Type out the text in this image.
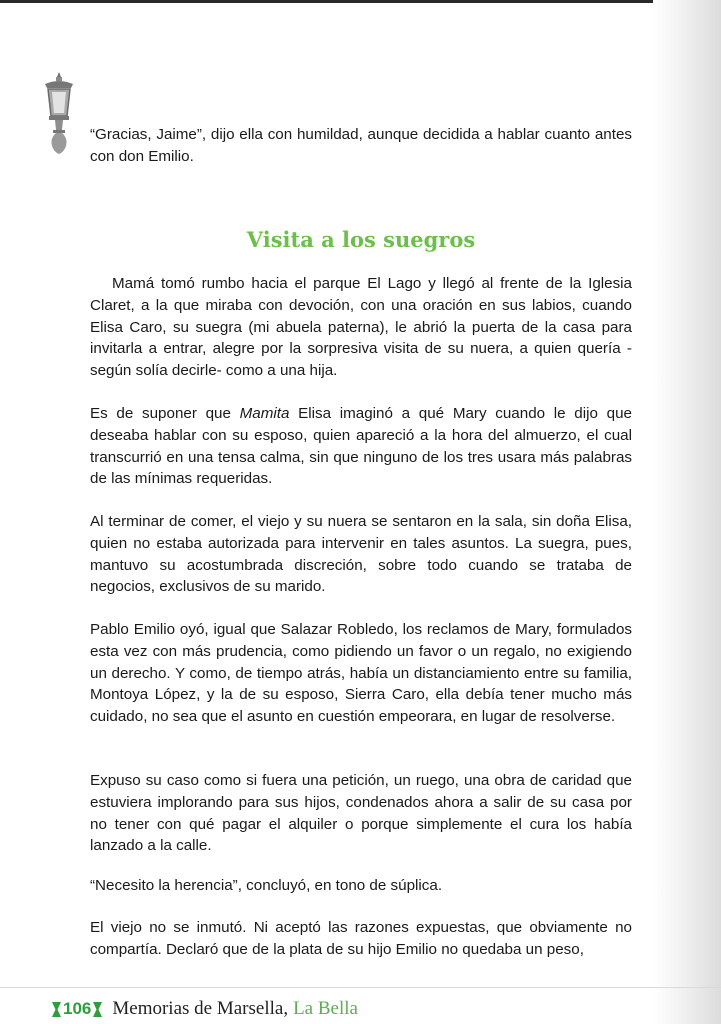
“Gracias, Jaime”, dijo ella con humildad, aunque decidida a hablar cuanto antes con don Emilio.

Visita a los suegros

Mamá tomó rumbo hacia el parque El Lago y llegó al frente de la Iglesia Claret, a la que miraba con devoción, con una oración en sus labios, cuando Elisa Caro, su suegra (mi abuela paterna), le abrió la puerta de la casa para invitarla a entrar, alegre por la sorpresiva visita de su nuera, a quien quería -según solía decirle- como a una hija.

Es de suponer que Mamita Elisa imaginó a qué Mary cuando le dijo que deseaba hablar con su esposo, quien apareció a la hora del almuerzo, el cual transcurrió en una tensa calma, sin que ninguno de los tres usara más palabras de las mínimas requeridas.

Al terminar de comer, el viejo y su nuera se sentaron en la sala, sin doña Elisa, quien no estaba autorizada para intervenir en tales asuntos. La suegra, pues, mantuvo su acostumbrada discreción, sobre todo cuando se trataba de negocios, exclusivos de su marido.

Pablo Emilio oyó, igual que Salazar Robledo, los reclamos de Mary, formulados esta vez con más prudencia, como pidiendo un favor o un regalo, no exigiendo un derecho. Y como, de tiempo atrás, había un distanciamiento entre su familia, Montoya López, y la de su esposo, Sierra Caro, ella debía tener mucho más cuidado, no sea que el asunto en cuestión empeorara, en lugar de resolverse.

Expuso su caso como si fuera una petición, un ruego, una obra de caridad que estuviera implorando para sus hijos, condenados ahora a salir de su casa por no tener con qué pagar el alquiler o porque simplemente el cura los había lanzado a la calle.

“Necesito la herencia”, concluyó, en tono de súplica.

El viejo no se inmutó. Ni aceptó las razones expuestas, que obviamente no compartía. Declaró que de la plata de su hijo Emilio no quedaba un peso,

106 Memorias de Marsella, La Bella
